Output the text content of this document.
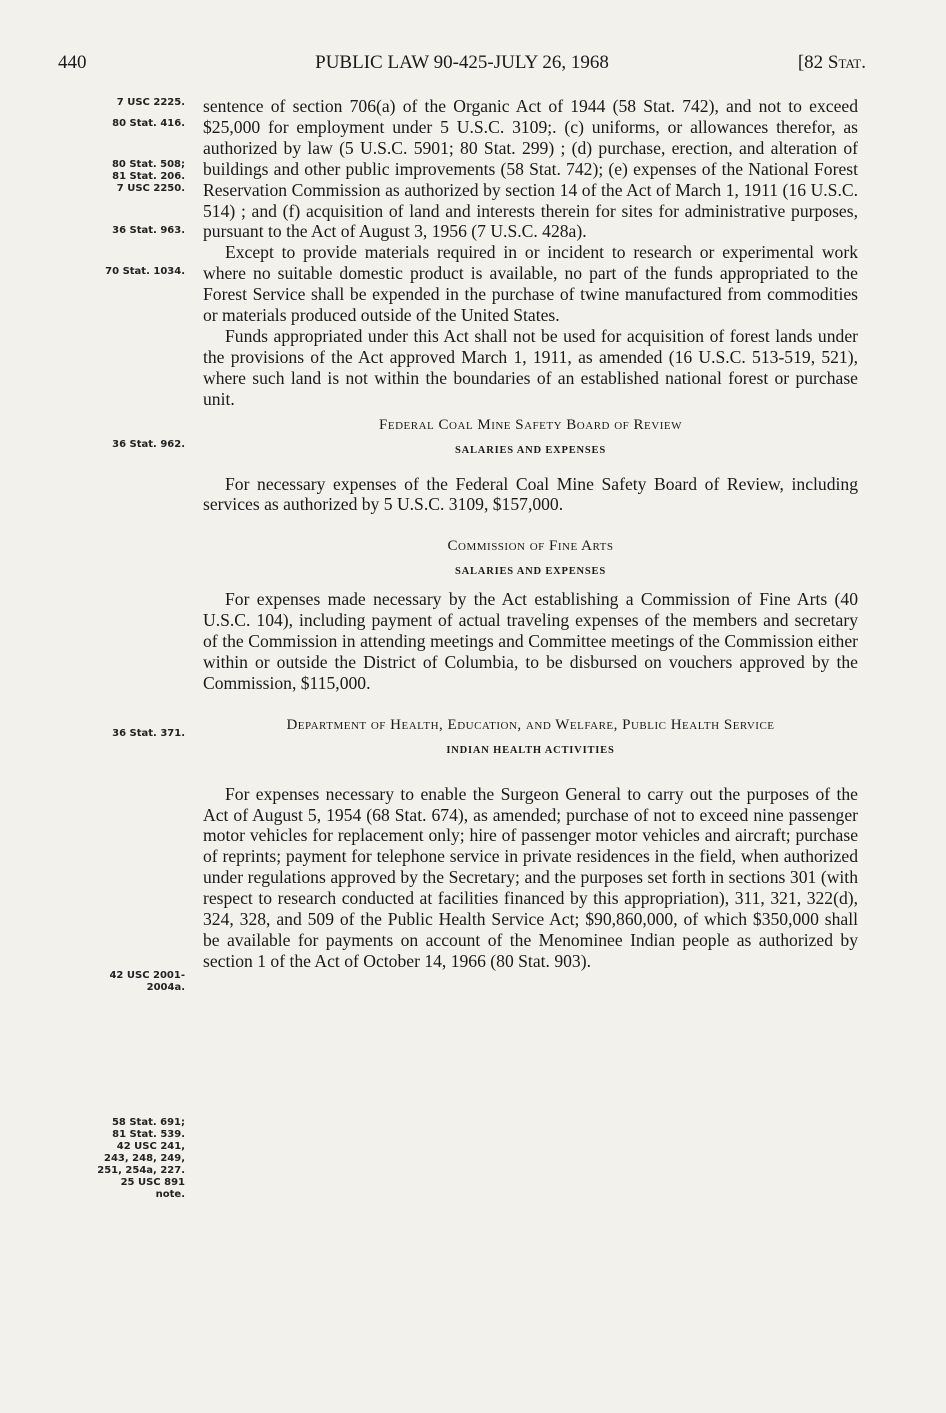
440	PUBLIC LAW 90-425-JULY 26, 1968	[82 Stat.
7 USC 2225.
80 Stat. 416.
80 Stat. 508;
81 Stat. 206.
7 USC 2250.
36 Stat. 963.
70 Stat. 1034.
36 Stat. 962.
36 Stat. 371.
42 USC 2001-
2004a.
58 Stat. 691;
81 Stat. 539.
42 USC 241,
243, 248, 249,
251, 254a, 227.
25 USC 891
note.

sentence of section 706(a) of the Organic Act of 1944 (58 Stat. 742), and not to exceed $25,000 for employment under 5 U.S.C. 3109;. (c) uniforms, or allowances therefor, as authorized by law (5 U.S.C. 5901; 80 Stat. 299) ; (d) purchase, erection, and alteration of buildings and other public improvements (58 Stat. 742); (e) expenses of the National Forest Reservation Commission as authorized by section 14 of the Act of March 1, 1911 (16 U.S.C. 514) ; and (f) acquisition of land and interests therein for sites for administrative purposes, pursuant to the Act of August 3, 1956 (7 U.S.C. 428a).

Except to provide materials required in or incident to research or experimental work where no suitable domestic product is available, no part of the funds appropriated to the Forest Service shall be expended in the purchase of twine manufactured from commodities or materials produced outside of the United States.

Funds appropriated under this Act shall not be used for acquisition of forest lands under the provisions of the Act approved March 1, 1911, as amended (16 U.S.C. 513-519, 521), where such land is not within the boundaries of an established national forest or purchase unit.

Federal Coal Mine Safety Board of Review
SALARIES AND EXPENSES

For necessary expenses of the Federal Coal Mine Safety Board of Review, including services as authorized by 5 U.S.C. 3109, $157,000.

Commission of Fine Arts
SALARIES AND EXPENSES

For expenses made necessary by the Act establishing a Commission of Fine Arts (40 U.S.C. 104), including payment of actual traveling expenses of the members and secretary of the Commission in attending meetings and Committee meetings of the Commission either within or outside the District of Columbia, to be disbursed on vouchers approved by the Commission, $115,000.

Department of Health, Education, and Welfare, Public Health Service
INDIAN HEALTH ACTIVITIES

For expenses necessary to enable the Surgeon General to carry out the purposes of the Act of August 5, 1954 (68 Stat. 674), as amended; purchase of not to exceed nine passenger motor vehicles for replacement only; hire of passenger motor vehicles and aircraft; purchase of reprints; payment for telephone service in private residences in the field, when authorized under regulations approved by the Secretary; and the purposes set forth in sections 301 (with respect to research conducted at facilities financed by this appropriation), 311, 321, 322(d), 324, 328, and 509 of the Public Health Service Act; $90,860,000, of which $350,000 shall be available for payments on account of the Menominee Indian people as authorized by section 1 of the Act of October 14, 1966 (80 Stat. 903).
